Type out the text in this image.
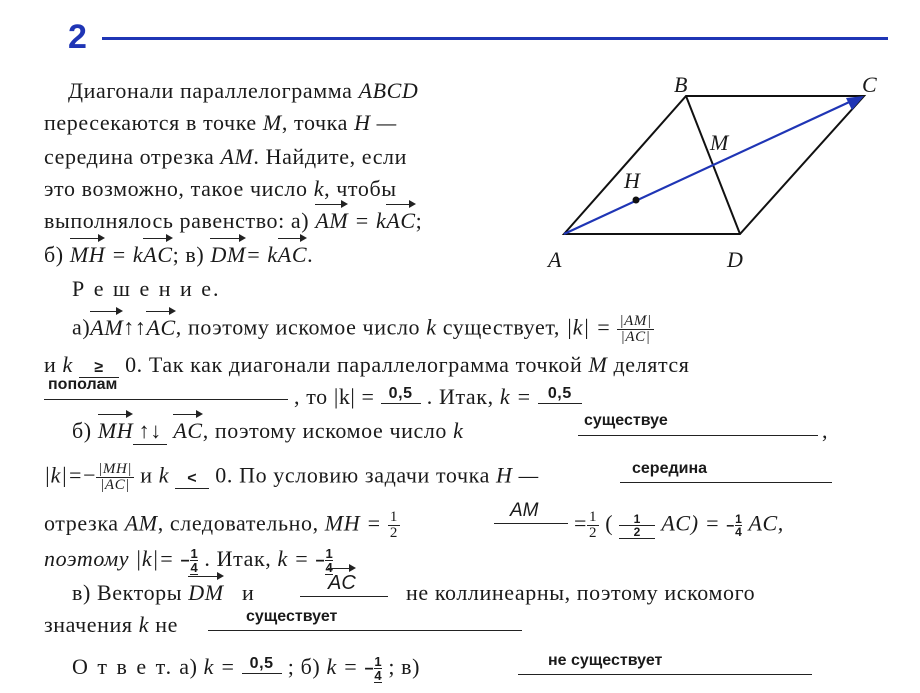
2
A
B	C
D
M
H
Диагонали параллелограмма ABCD
пересекаются в точке M, точка H —
середина отрезка AM. Найдите, если
это возможно, такое число k, чтобы
выполнялось равенство: а) AM = kAC;
б) MH = kAC; в) DM= kAC.
Р е ш е н и е.
а)AM↑↑AC, поэтому искомое число k существует, $|k| = \frac{|AM|}{|AC|}$
и k ≥ 0. Так как диагонали параллелограмма точкой M делятся
пополам	, то |k| = 0,5 . Итак, k = 0,5
б) MH ↑↓ AC, поэтому искомое число k	существуе	,
$|k|=- \frac{|MH|}{|AC|}$ и k < 0. По условию задачи точка H —	середина
отрезка AM, следовательно, MH = $\frac{1}{2}$	AM
= $\frac{1}{2}$ ( $\frac{1}{2} AC$) = − $\frac{1}{4}$ AC,
поэтому $|k|= - \frac{1}{4}$ . Итак, k = − $\frac{1}{4}$
в) Векторы DM и	AC не коллинеарны, поэтому искомого
значения k не	существует
О т в е т. а) k = 0,5 ; б) k = − $\frac{1}{4}$ ; в)	не существует
